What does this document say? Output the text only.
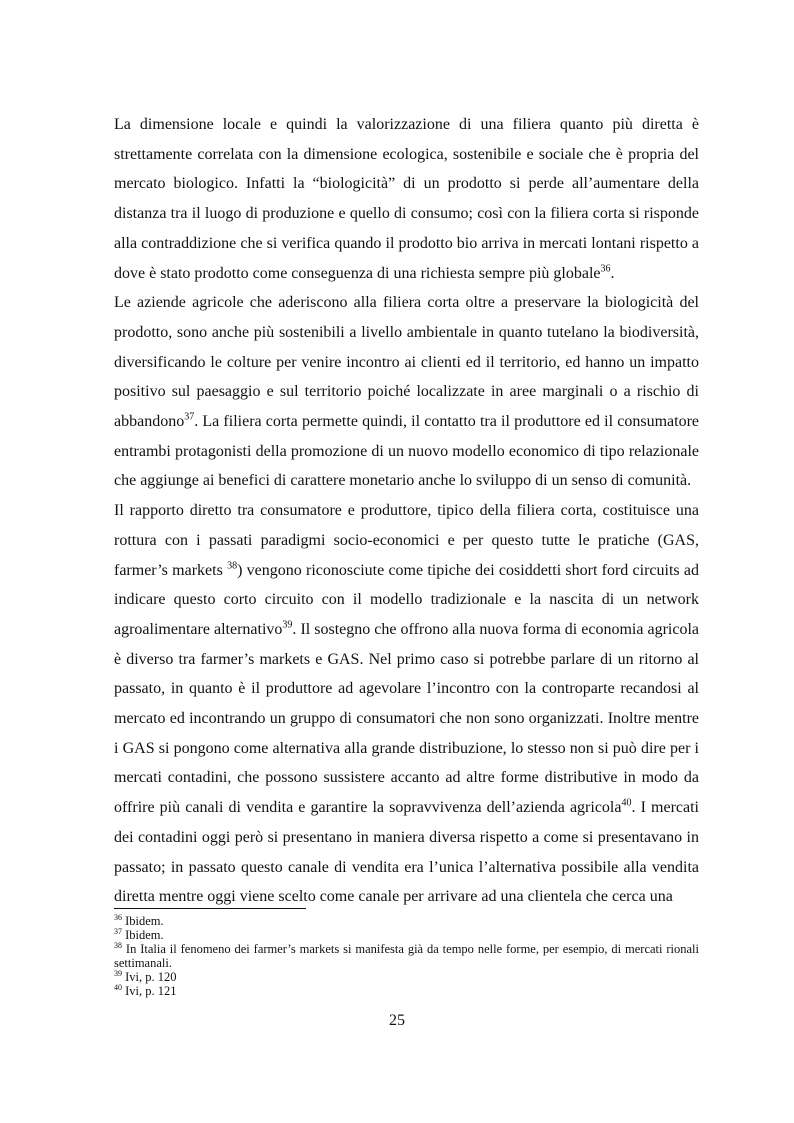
La dimensione locale e quindi la valorizzazione di una filiera quanto più diretta è strettamente correlata con la dimensione ecologica, sostenibile e sociale che è propria del mercato biologico. Infatti la “biologicità” di un prodotto si perde all’aumentare della distanza tra il luogo di produzione e quello di consumo; così con la filiera corta si risponde alla contraddizione che si verifica quando il prodotto bio arriva in mercati lontani rispetto a dove è stato prodotto come conseguenza di una richiesta sempre più globale$^{36}$.

Le aziende agricole che aderiscono alla filiera corta oltre a preservare la biologicità del prodotto, sono anche più sostenibili a livello ambientale in quanto tutelano la biodiversità, diversificando le colture per venire incontro ai clienti ed il territorio, ed hanno un impatto positivo sul paesaggio e sul territorio poiché localizzate in aree marginali o a rischio di abbandono$^{37}$. La filiera corta permette quindi, il contatto tra il produttore ed il consumatore entrambi protagonisti della promozione di un nuovo modello economico di tipo relazionale che aggiunge ai benefici di carattere monetario anche lo sviluppo di un senso di comunità.

Il rapporto diretto tra consumatore e produttore, tipico della filiera corta, costituisce una rottura con i passati paradigmi socio-economici e per questo tutte le pratiche (GAS, farmer’s markets $^{38}$) vengono riconosciute come tipiche dei cosiddetti short ford circuits ad indicare questo corto circuito con il modello tradizionale e la nascita di un network agroalimentare alternativo$^{39}$. Il sostegno che offrono alla nuova forma di economia agricola è diverso tra farmer’s markets e GAS. Nel primo caso si potrebbe parlare di un ritorno al passato, in quanto è il produttore ad agevolare l’incontro con la controparte recandosi al mercato ed incontrando un gruppo di consumatori che non sono organizzati. Inoltre mentre i GAS si pongono come alternativa alla grande distribuzione, lo stesso non si può dire per i mercati contadini, che possono sussistere accanto ad altre forme distributive in modo da offrire più canali di vendita e garantire la sopravvivenza dell’azienda agricola$^{40}$. I mercati dei contadini oggi però si presentano in maniera diversa rispetto a come si presentavano in passato; in passato questo canale di vendita era l’unica l’alternativa possibile alla vendita diretta mentre oggi viene scelto come canale per arrivare ad una clientela che cerca una

$^{36}$ Ibidem.
$^{37}$ Ibidem.
$^{38}$ In Italia il fenomeno dei farmer’s markets si manifesta già da tempo nelle forme, per esempio, di mercati rionali settimanali.
$^{39}$ Ivi, p. 120
$^{40}$ Ivi, p. 121
25
